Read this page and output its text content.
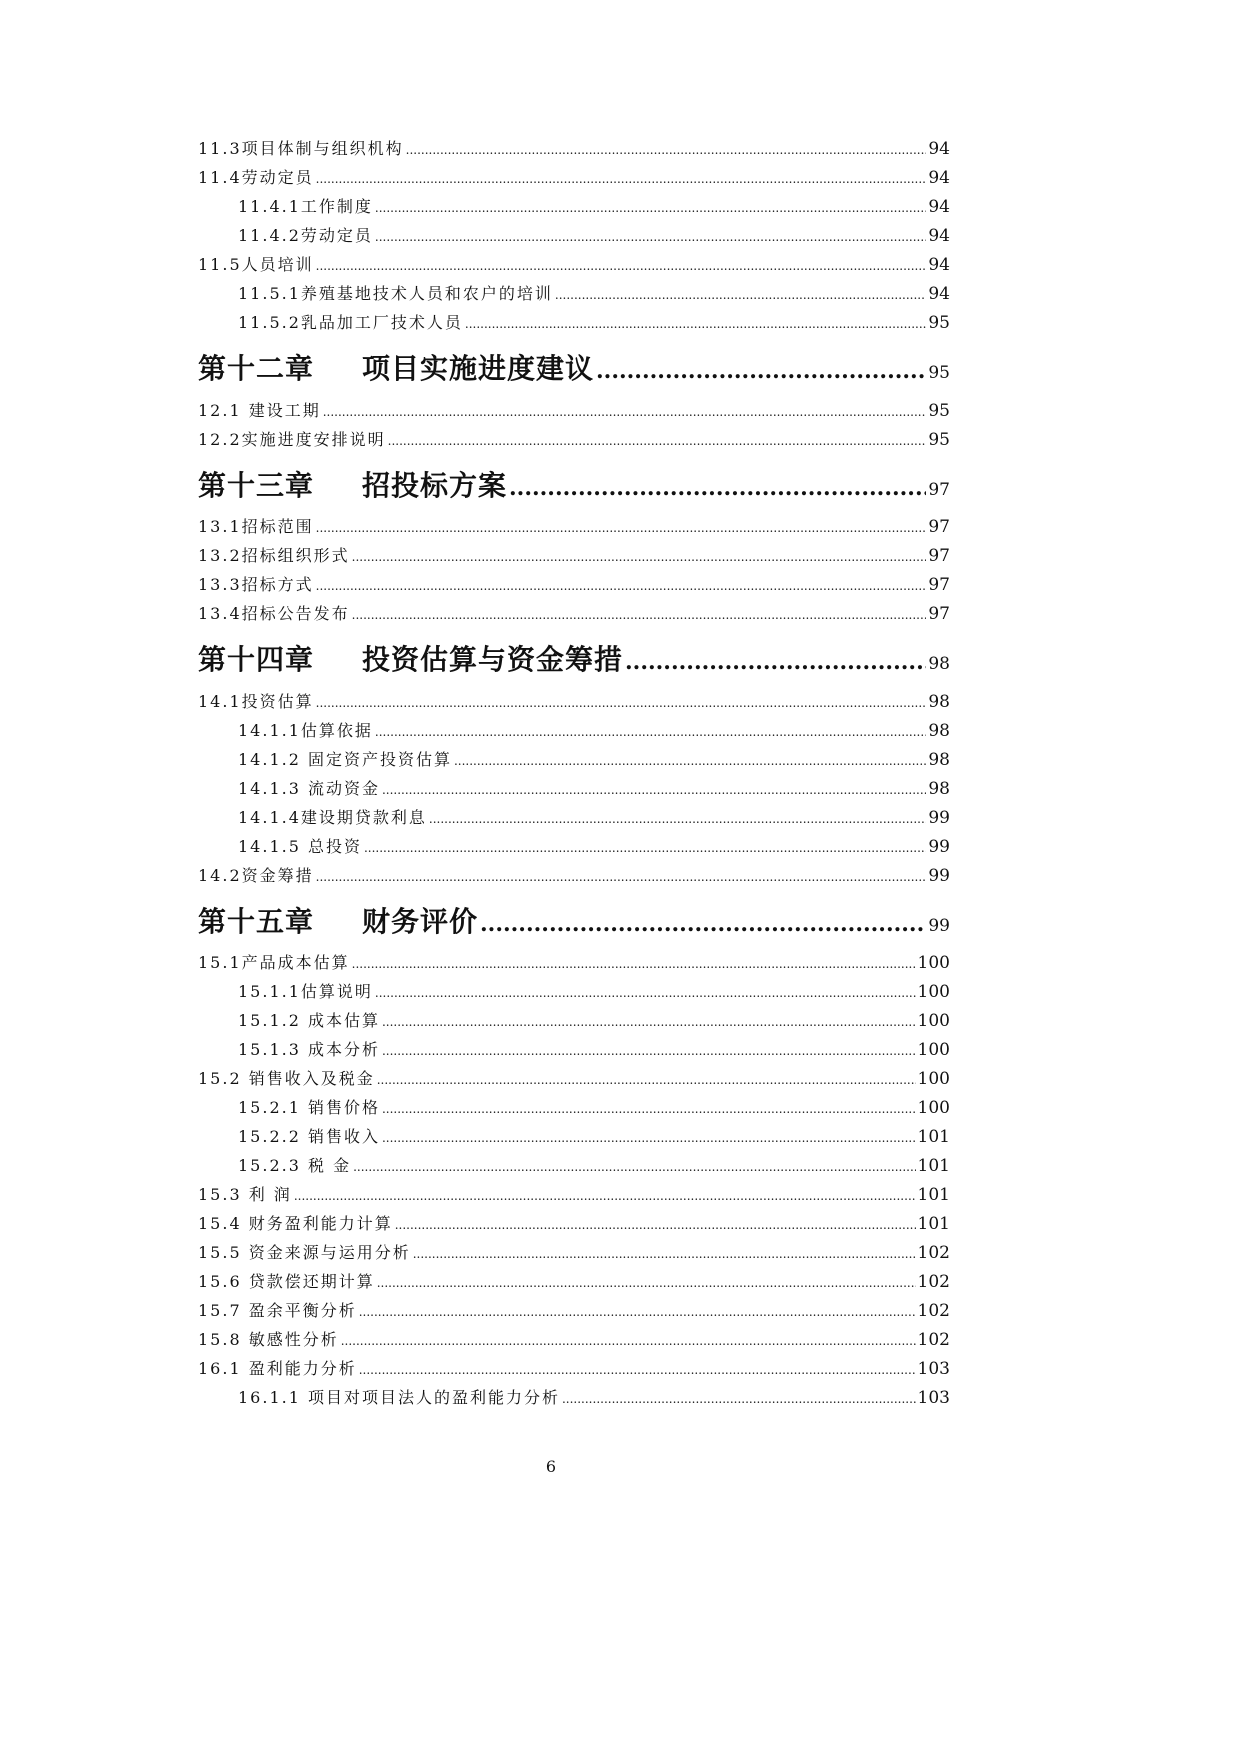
11.3项目体制与组织机构 .....	94
11.4劳动定员 .....	94
11.4.1工作制度 .....	94
11.4.2劳动定员 .....	94
11.5人员培训 .....	94
11.5.1养殖基地技术人员和农户的培训 .....	94
11.5.2乳品加工厂技术人员 .....	95
第十二章 项目实施进度建议 .....	95
12.1 建设工期 .....	95
12.2实施进度安排说明 .....	95
第十三章 招投标方案 .....	97
13.1招标范围 .....	97
13.2招标组织形式 .....	97
13.3招标方式 .....	97
13.4招标公告发布 .....	97
第十四章 投资估算与资金筹措 .....	98
14.1投资估算 .....	98
14.1.1估算依据 .....	98
14.1.2 固定资产投资估算 .....	98
14.1.3 流动资金 .....	98
14.1.4建设期贷款利息 .....	99
14.1.5 总投资 .....	99
14.2资金筹措 .....	99
第十五章 财务评价 .....	99
15.1产品成本估算 .....	100
15.1.1估算说明 .....	100
15.1.2 成本估算 .....	100
15.1.3 成本分析 .....	100
15.2 销售收入及税金 .....	100
15.2.1 销售价格 .....	100
15.2.2 销售收入 .....	101
15.2.3 税 金 .....	101
15.3 利 润 .....	101
15.4 财务盈利能力计算 .....	101
15.5 资金来源与运用分析 .....	102
15.6 贷款偿还期计算 .....	102
15.7 盈余平衡分析 .....	102
15.8 敏感性分析 .....	102
16.1 盈利能力分析 .....	103
16.1.1 项目对项目法人的盈利能力分析 .....	103
6
